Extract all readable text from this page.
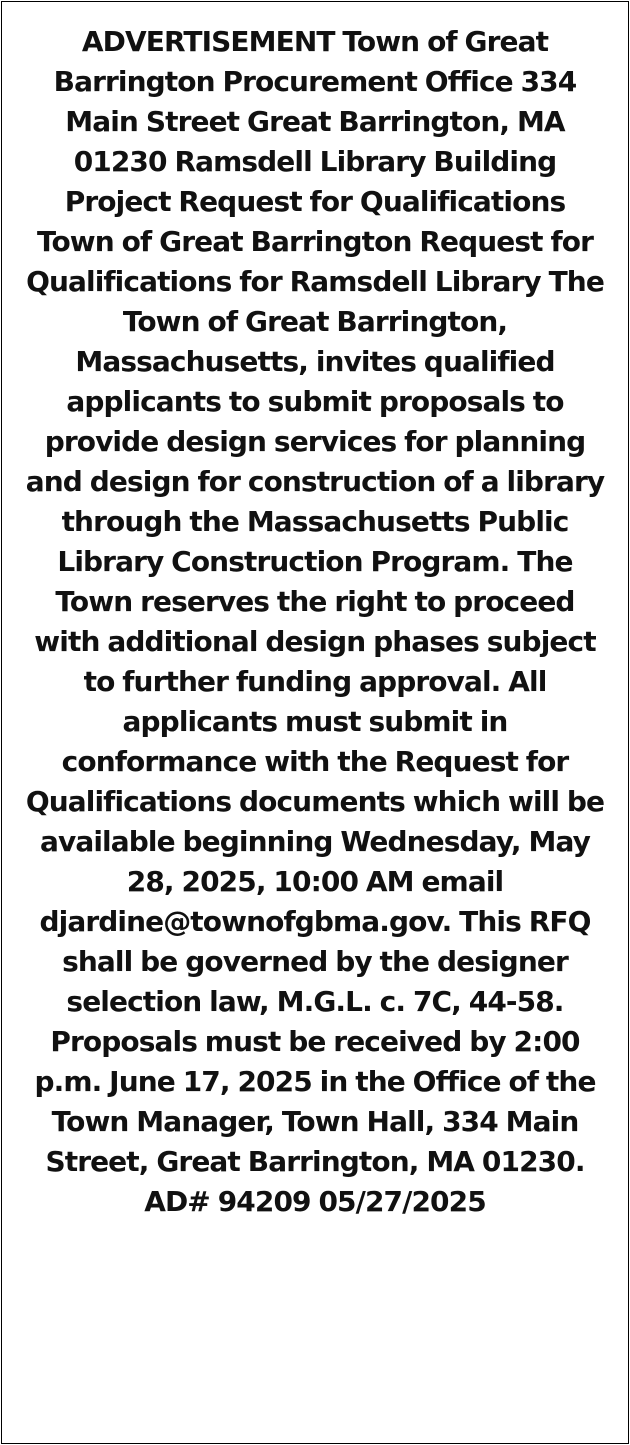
ADVERTISEMENT Town of Great Barrington Procurement Office 334 Main Street Great Barrington, MA 01230 Ramsdell Library Building Project Request for Qualifications Town of Great Barrington Request for Qualifications for Ramsdell Library The Town of Great Barrington, Massachusetts, invites qualified applicants to submit proposals to provide design services for planning and design for construction of a library through the Massachusetts Public Library Construction Program. The Town reserves the right to proceed with additional design phases subject to further funding approval. All applicants must submit in conformance with the Request for Qualifications documents which will be available beginning Wednesday, May 28, 2025, 10:00 AM email djardine@townofgbma.gov. This RFQ shall be governed by the designer selection law, M.G.L. c. 7C, 44-58. Proposals must be received by 2:00 p.m. June 17, 2025 in the Office of the Town Manager, Town Hall, 334 Main Street, Great Barrington, MA 01230. AD# 94209 05/27/2025
